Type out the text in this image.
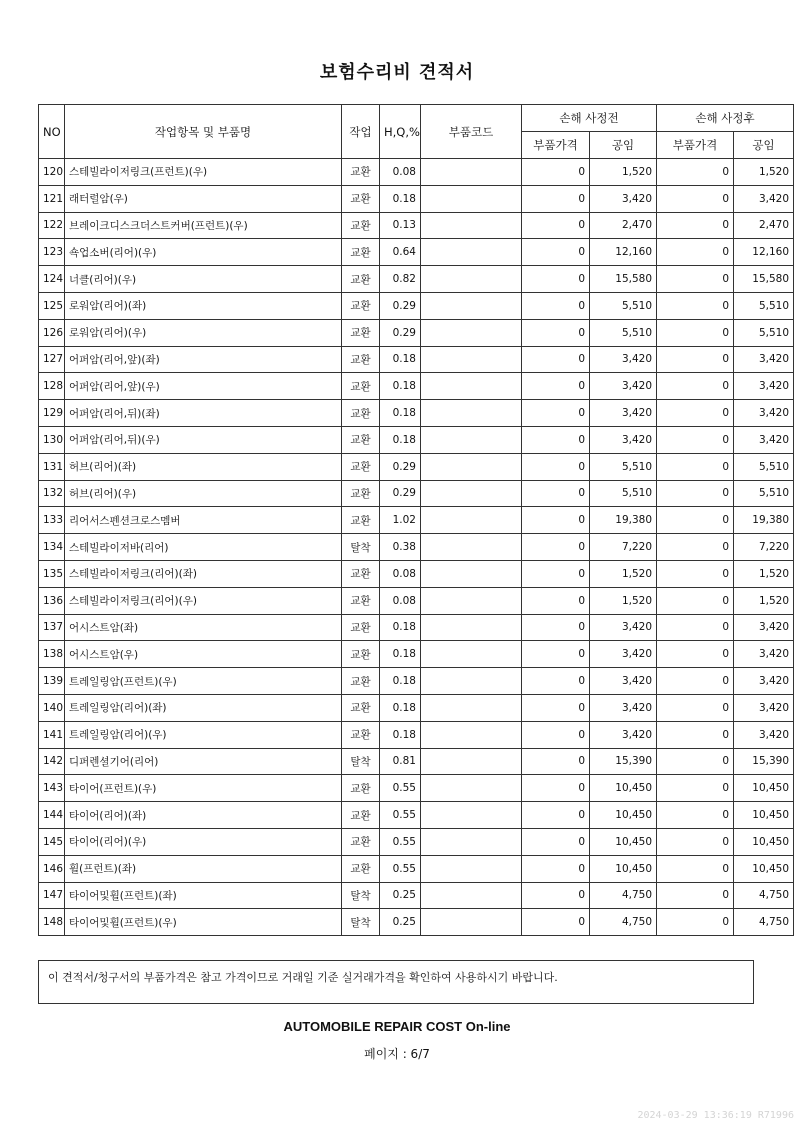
보험수리비 견적서
NO	작업항목 및 부품명	작업	H,Q,%	부품코드	손해 사정전		손해 사정후	
					부품가격	공임	부품가격	공임
120	스테빌라이저링크(프런트)(우)	교환	0.08		0	1,520	0	1,520
121	래터럴암(우)	교환	0.18		0	3,420	0	3,420
122	브레이크디스크더스트커버(프런트)(우)	교환	0.13		0	2,470	0	2,470
123	쇽업소버(리어)(우)	교환	0.64		0	12,160	0	12,160
124	너클(리어)(우)	교환	0.82		0	15,580	0	15,580
125	로워암(리어)(좌)	교환	0.29		0	5,510	0	5,510
126	로워암(리어)(우)	교환	0.29		0	5,510	0	5,510
127	어퍼암(리어,앞)(좌)	교환	0.18		0	3,420	0	3,420
128	어퍼암(리어,앞)(우)	교환	0.18		0	3,420	0	3,420
129	어퍼암(리어,뒤)(좌)	교환	0.18		0	3,420	0	3,420
130	어퍼암(리어,뒤)(우)	교환	0.18		0	3,420	0	3,420
131	허브(리어)(좌)	교환	0.29		0	5,510	0	5,510
132	허브(리어)(우)	교환	0.29		0	5,510	0	5,510
133	리어서스펜션크로스멤버	교환	1.02		0	19,380	0	19,380
134	스테빌라이저바(리어)	탈착	0.38		0	7,220	0	7,220
135	스테빌라이저링크(리어)(좌)	교환	0.08		0	1,520	0	1,520
136	스테빌라이저링크(리어)(우)	교환	0.08		0	1,520	0	1,520
137	어시스트암(좌)	교환	0.18		0	3,420	0	3,420
138	어시스트암(우)	교환	0.18		0	3,420	0	3,420
139	트레일링암(프런트)(우)	교환	0.18		0	3,420	0	3,420
140	트레일링암(리어)(좌)	교환	0.18		0	3,420	0	3,420
141	트레일링암(리어)(우)	교환	0.18		0	3,420	0	3,420
142	디퍼렌셜기어(리어)	탈착	0.81		0	15,390	0	15,390
143	타이어(프런트)(우)	교환	0.55		0	10,450	0	10,450
144	타이어(리어)(좌)	교환	0.55		0	10,450	0	10,450
145	타이어(리어)(우)	교환	0.55		0	10,450	0	10,450
146	휠(프런트)(좌)	교환	0.55		0	10,450	0	10,450
147	타이어및휠(프런트)(좌)	탈착	0.25		0	4,750	0	4,750
148	타이어및휠(프런트)(우)	탈착	0.25		0	4,750	0	4,750
이 견적서/청구서의 부품가격은 참고 가격이므로 거래일 기준 실거래가격을 확인하여 사용하시기 바랍니다.
AUTOMOBILE REPAIR COST On-line
페이지 : 6/7
2024-03-29 13:36:19 R71996
